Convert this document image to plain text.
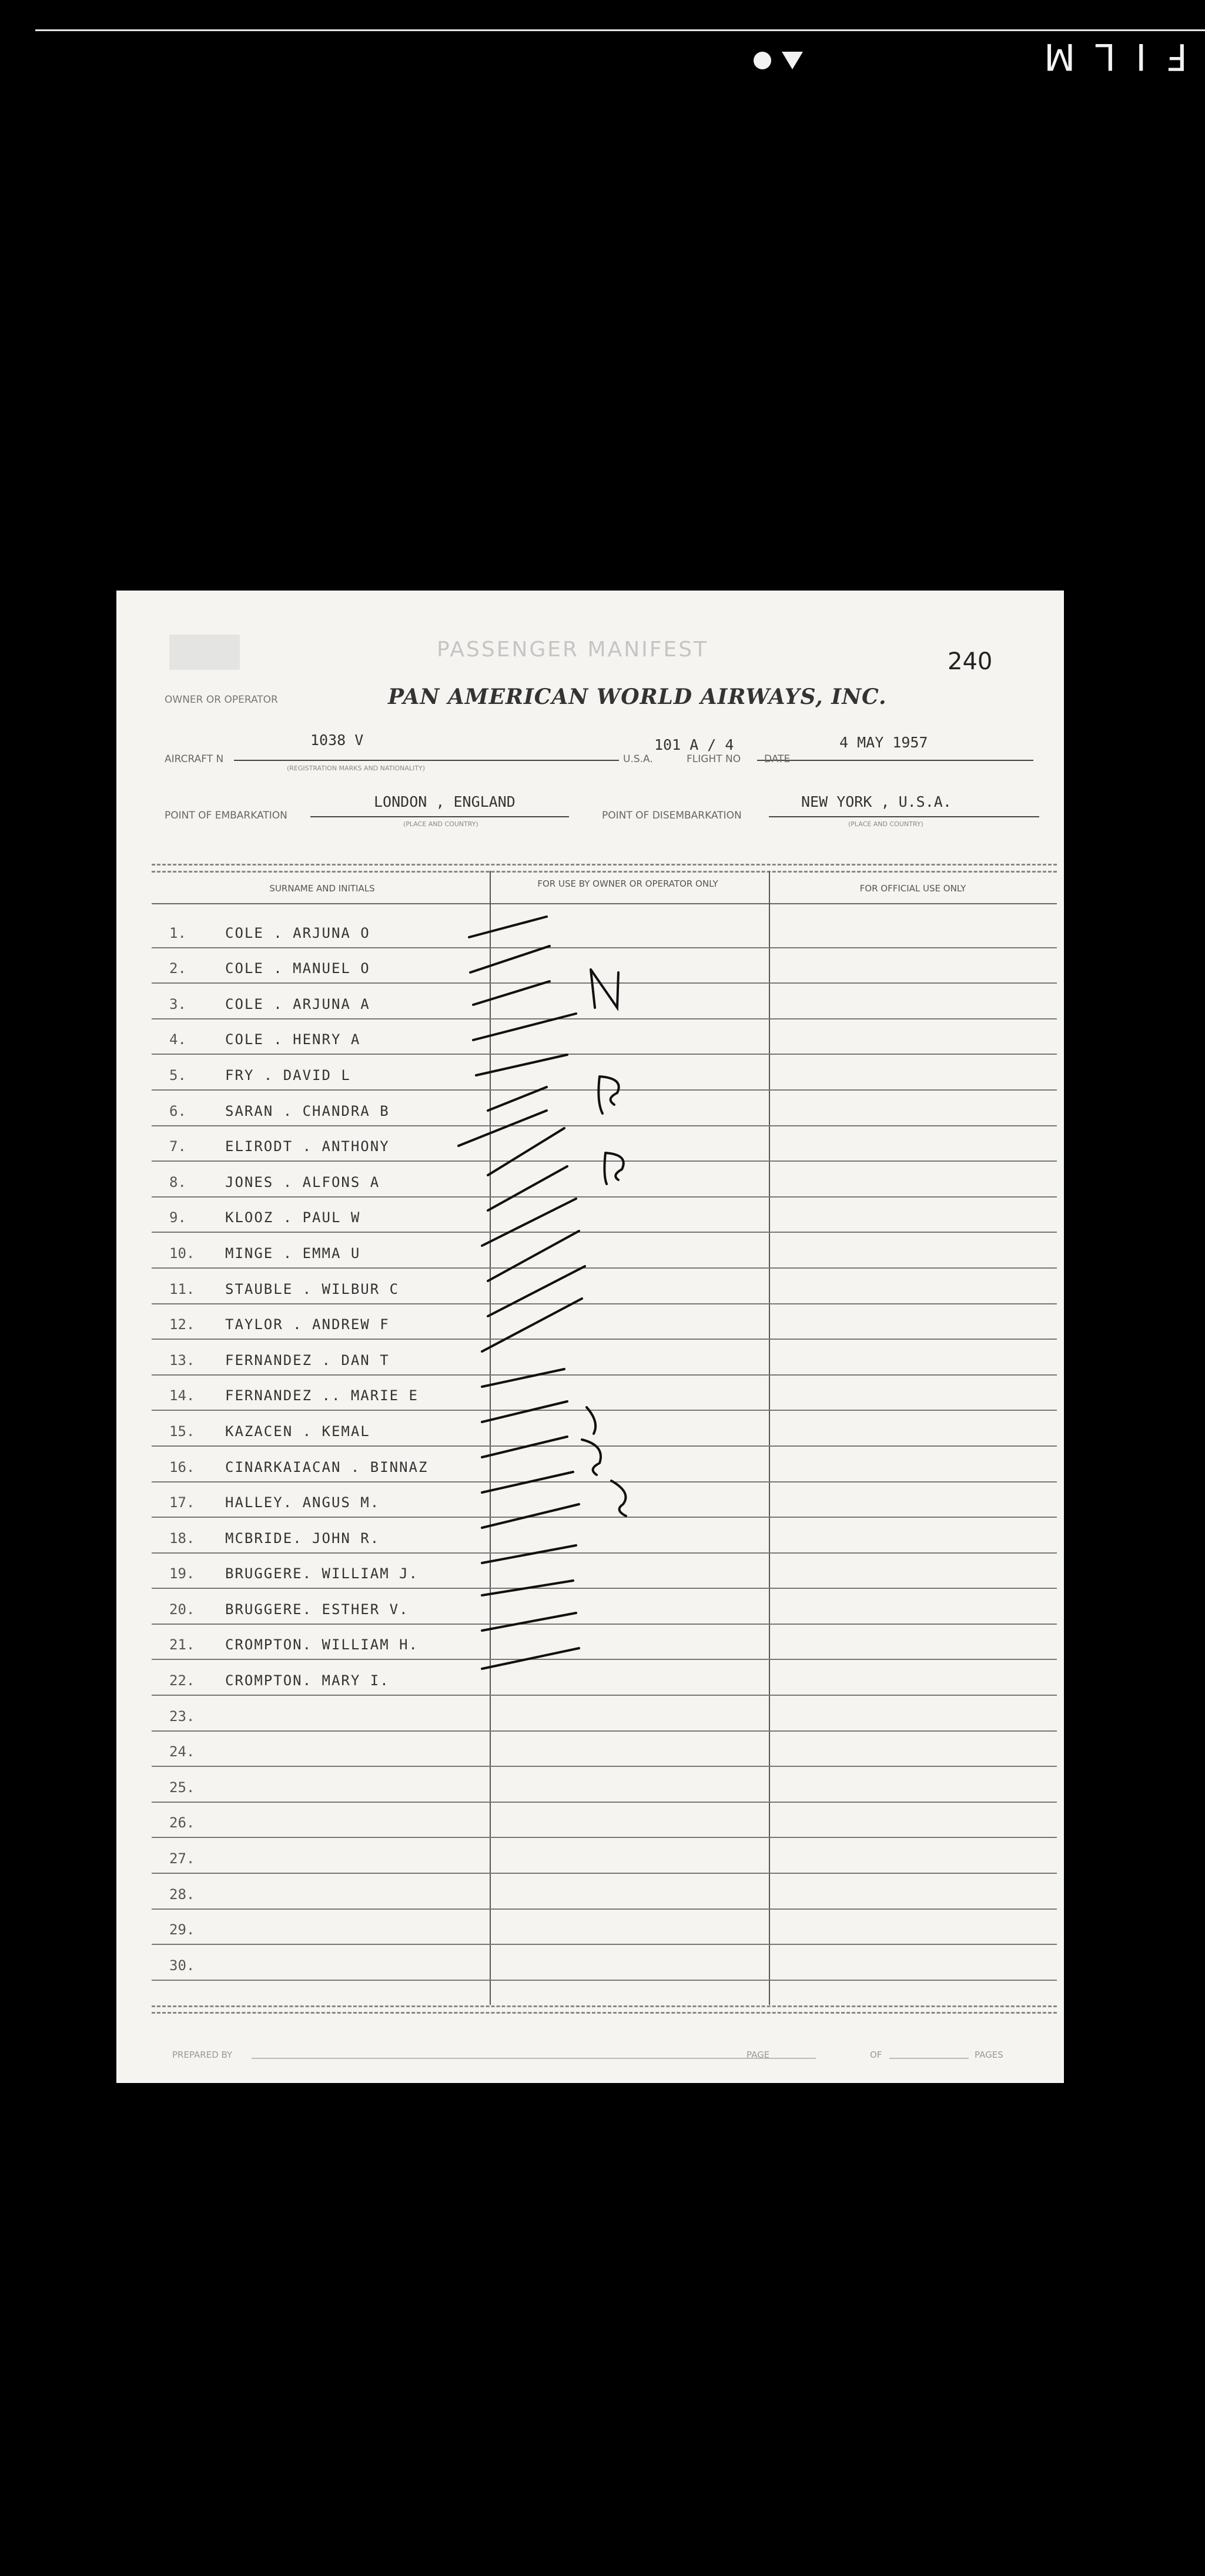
FILM
240
PASSENGER MANIFEST
OWNER OR OPERATOR	PAN AMERICAN WORLD AIRWAYS, INC.
AIRCRAFT N
1038 V
(REGISTRATION MARKS AND NATIONALITY)
U.S.A.	FLIGHT NO
101 A / 4
DATE
4 MAY 1957
POINT OF EMBARKATION
LONDON , ENGLAND
(PLACE AND COUNTRY)
POINT OF DISEMBARKATION
NEW YORK , U.S.A.
(PLACE AND COUNTRY)
SURNAME AND INITIALS	FOR USE BY OWNER OR OPERATOR ONLY	FOR OFFICIAL USE ONLY
1.	COLE . ARJUNA O
2.	COLE . MANUEL O
3.	COLE . ARJUNA A
4.	COLE . HENRY A
5.	FRY . DAVID L
6.	SARAN . CHANDRA B
7.	ELIRODT . ANTHONY
8.	JONES . ALFONS A
9.	KLOOZ . PAUL W
10. MINGE . EMMA U
11. STAUBLE . WILBUR C
12. TAYLOR . ANDREW F
13. FERNANDEZ . DAN T
14. FERNANDEZ .. MARIE E
15. KAZACEN . KEMAL
16. CINARKAIACAN . BINNAZ
17. HALLEY. ANGUS M.
18. MCBRIDE. JOHN R.
19. BRUGGERE. WILLIAM J.
20. BRUGGERE. ESTHER V.
21. CROMPTON. WILLIAM H.
22. CROMPTON. MARY I.
23.
24.
25.
26.
27.
28.
29.
30.
PREPARED BY	PAGE	OF	PAGES
